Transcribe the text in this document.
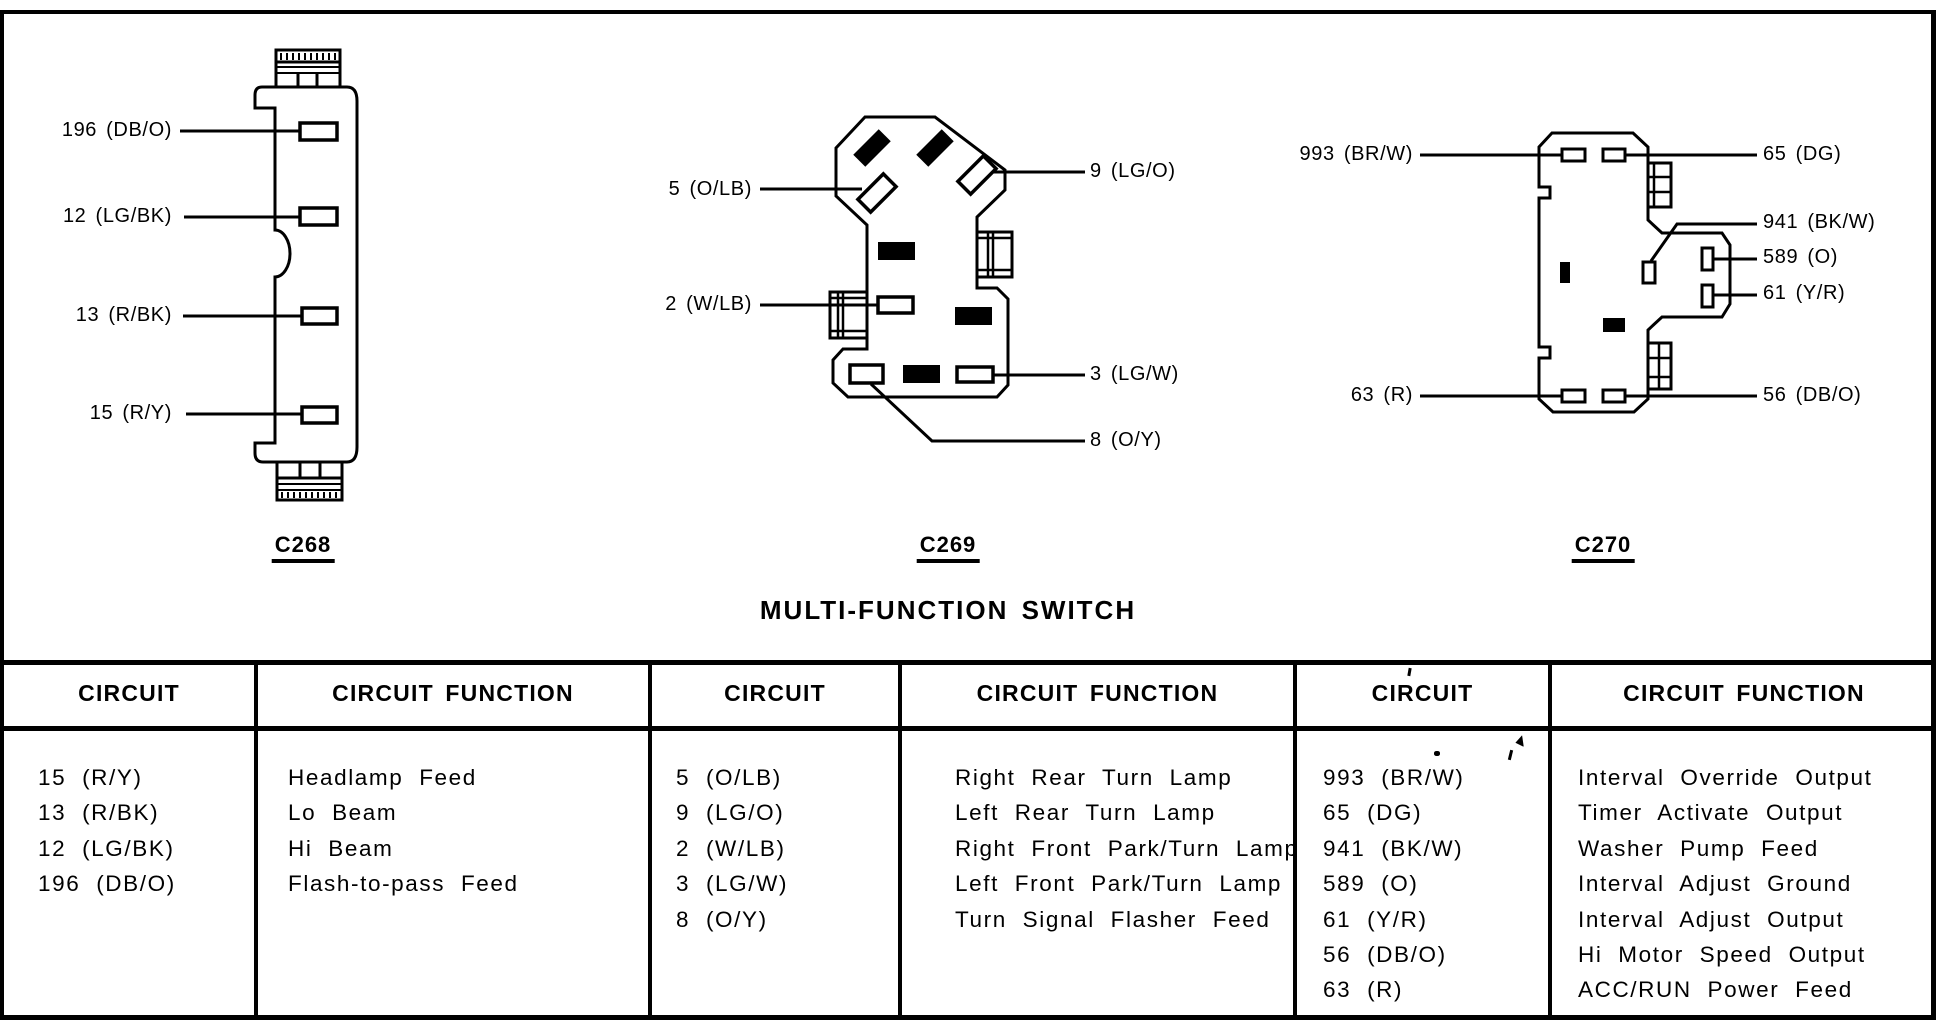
196 (DB/O)
12 (LG/BK)
13 (R/BK)
15 (R/Y)
5 (O/LB)
2 (W/LB)
9 (LG/O)
3 (LG/W)
8 (O/Y)
993 (BR/W)
63 (R)
65 (DG)
941 (BK/W)
589 (O)
61 (Y/R)
56 (DB/O)
C268	C269	C270
MULTI-FUNCTION SWITCH
CIRCUIT	CIRCUIT FUNCTION	CIRCUIT	CIRCUIT FUNCTION	CIRCUIT	CIRCUIT FUNCTION
15 (R/Y)	Headlamp Feed
13 (R/BK)	Lo Beam
12 (LG/BK)	Hi Beam
196 (DB/O)	Flash-to-pass Feed
5 (O/LB)	Right Rear Turn Lamp
9 (LG/O)	Left Rear Turn Lamp
2 (W/LB)	Right Front Park/Turn Lamp
3 (LG/W)	Left Front Park/Turn Lamp
8 (O/Y)	Turn Signal Flasher Feed
993 (BR/W)	Interval Override Output
65 (DG)	Timer Activate Output
941 (BK/W)	Washer Pump Feed
589 (O)	Interval Adjust Ground
61 (Y/R)	Interval Adjust Output
56 (DB/O)	Hi Motor Speed Output
63 (R)	ACC/RUN Power Feed
